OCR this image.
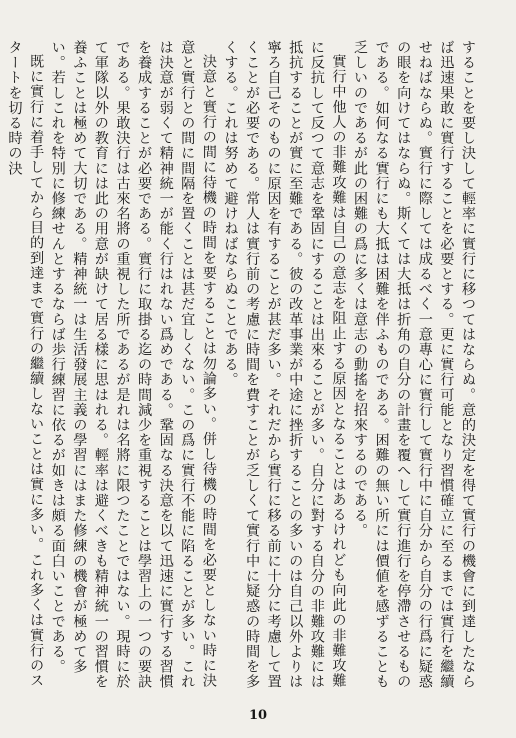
することを要し決して輕率に實行に移つてはならぬ。意的決定を得て實行の機會に到達したならば迅速果敢に實行することを必要とする。更に實行可能となり習慣確立に至るまでは實行を繼續せねばならぬ。實行に際しては成るべく一意專心に實行して實行中に自分から自分の行爲に疑惑の眼を向けてはならぬ。斯くては大抵は折角の自分の計畫を覆へして實行進行を停滯させるものである。如何なる實行にも大抵は困難を伴ふものである。困難の無い所には價値を感ずることも乏しいのであるが此の困難の爲に多くは意志の動搖を招來するのである。

實行中他人の非難攻難は自己の意志を阻止する原因となることはあるけれども向此の非難攻難に反抗して反つて意志を鞏固にすることは出來ることが多い。自分に對する自分の非難攻難には抵抗することが實に至難である。彼の改革事業が中途に挫折することの多いのは自己以外よりは寧ろ自己そのものに原因を有することが甚だ多い。それだから實行に移る前に十分に考慮して置くことが必要である。常人は實行前の考慮に時間を費すことが乏しくて實行中に疑惑の時間を多くする。これは努めて避けねばならぬことである。

決意と實行の間に待機の時間を要することは勿論多い。併し待機の時間を必要としない時に決意と實行との間に間隔を置くことは甚だ宜しくない。この爲に實行不能に陷ることが多い。これは決意が弱くて精神統一が能く行はれない爲めである。鞏固なる決意を以て迅速に實行する習慣を養成することが必要である。實行に取掛る迄の時間減少を重視することは學習上の一つの要訣である。果敢決行は古來名將の重視した所であるが是れは名將に限つたことではない。現時に於て軍隊以外の教育には此の用意が缺けて居る樣に思はれる。輕率は避くべきも精神統一の習慣を養ふことは極めて大切である。精神統一は生活發展主義の學習にはまた修練の機會が極めて多い。若しこれを特別に修練せんとするならば歩行練習に依るが如きは頗る面白いことである。

既に實行に着手してから目的到達まで實行の繼續しないことは實に多い。これ多くは實行のスタートを切る時の決

10
